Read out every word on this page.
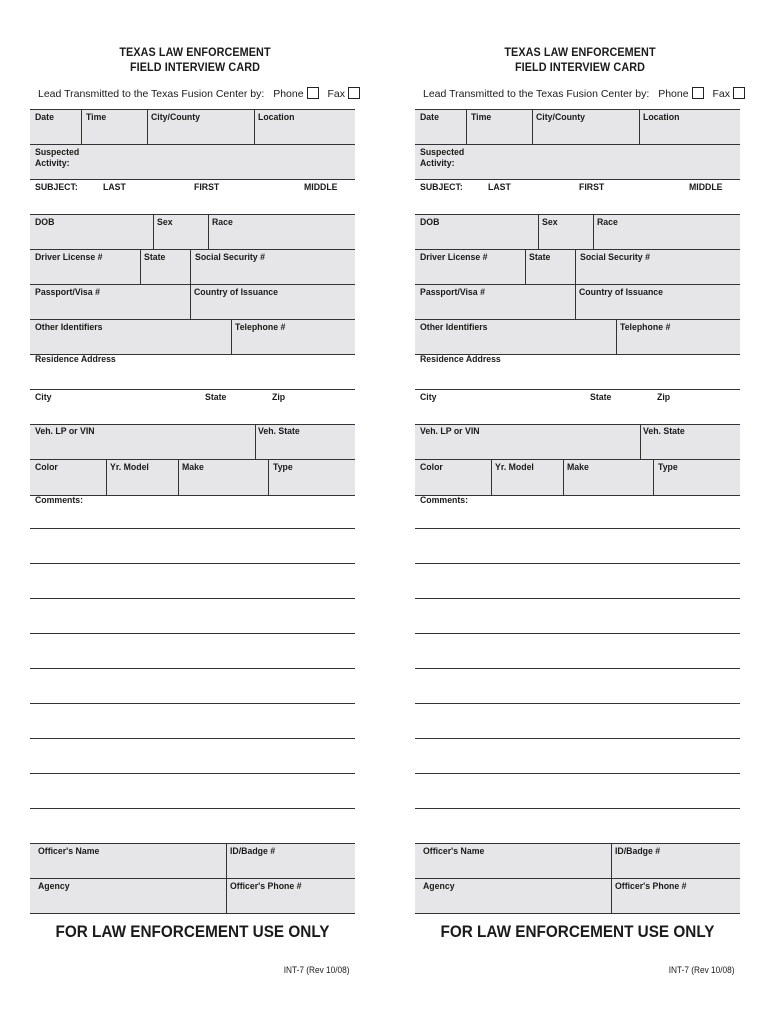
TEXAS LAW ENFORCEMENT
FIELD INTERVIEW CARD
Lead Transmitted to the Texas Fusion Center by: Phone Fax
Date	Time	City/County	Location
Suspected Activity:
SUBJECT:	LAST	FIRST	MIDDLE
DOB	Sex	Race
Driver License #	State	Social Security #
Passport/Visa #	Country of Issuance
Other Identifiers	Telephone #
Residence Address
City	State	Zip
Veh. LP or VIN	Veh. State
Color	Yr. Model	Make	Type
Comments:
Officer's Name	ID/Badge #
Agency	Officer's Phone #
FOR LAW ENFORCEMENT USE ONLY
INT-7 (Rev 10/08)
TEXAS LAW ENFORCEMENT
FIELD INTERVIEW CARD
Lead Transmitted to the Texas Fusion Center by: Phone Fax
Date	Time	City/County	Location
Suspected Activity:
SUBJECT:	LAST	FIRST	MIDDLE
DOB	Sex	Race
Driver License #	State	Social Security #
Passport/Visa #	Country of Issuance
Other Identifiers	Telephone #
Residence Address
City	State	Zip
Veh. LP or VIN	Veh. State
Color	Yr. Model	Make	Type
Comments:
Officer's Name	ID/Badge #
Agency	Officer's Phone #
FOR LAW ENFORCEMENT USE ONLY
INT-7 (Rev 10/08)
